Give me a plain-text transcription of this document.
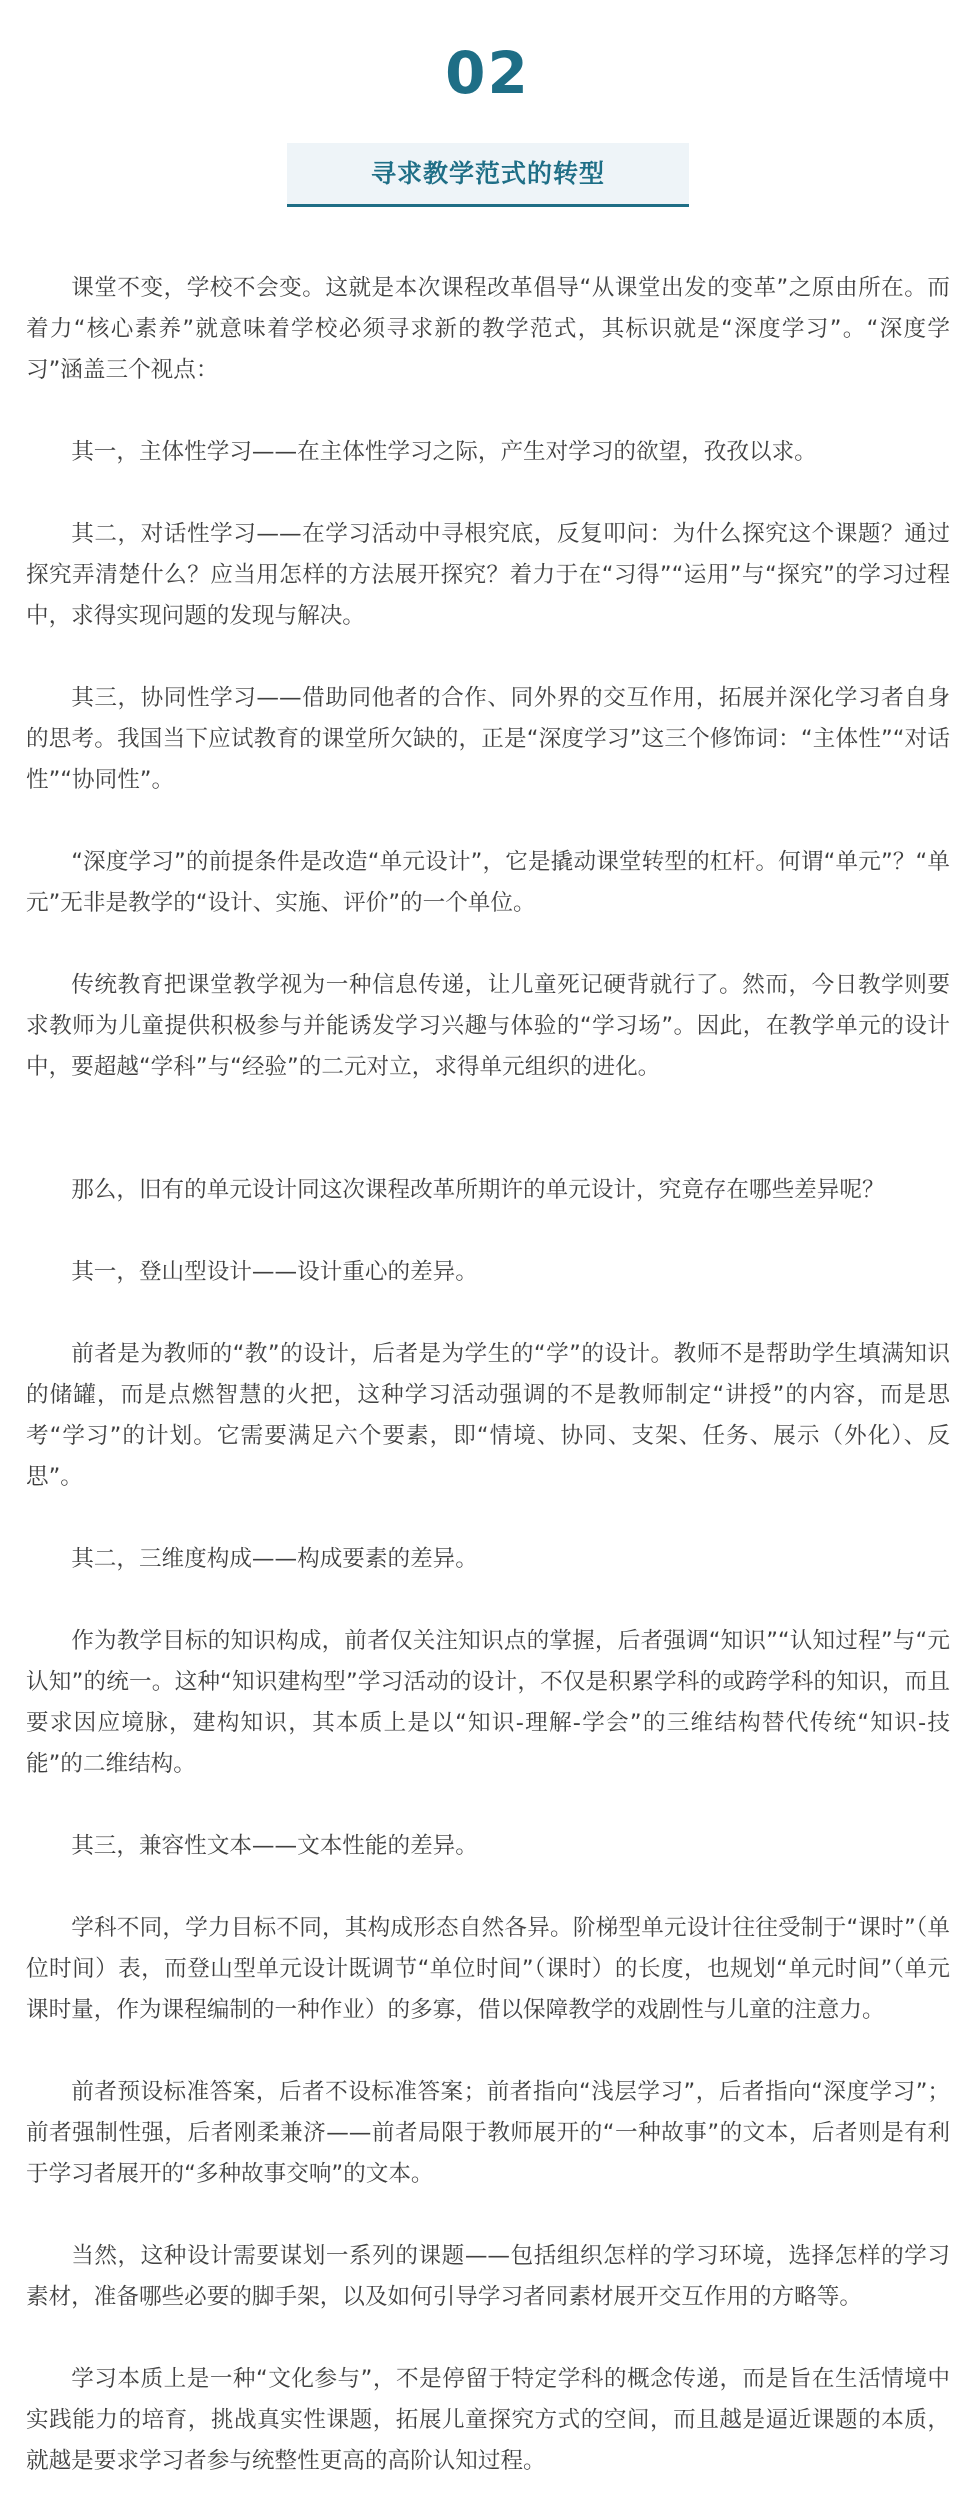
02
寻求教学范式的转型

课堂不变，学校不会变。这就是本次课程改革倡导“从课堂出发的变革”之原由所在。而着力“核心素养”就意味着学校必须寻求新的教学范式，其标识就是“深度学习”。“深度学习”涵盖三个视点：

其一，主体性学习——在主体性学习之际，产生对学习的欲望，孜孜以求。

其二，对话性学习——在学习活动中寻根究底，反复叩问：为什么探究这个课题？通过探究弄清楚什么？应当用怎样的方法展开探究？着力于在“习得”“运用”与“探究”的学习过程中，求得实现问题的发现与解决。

其三，协同性学习——借助同他者的合作、同外界的交互作用，拓展并深化学习者自身的思考。我国当下应试教育的课堂所欠缺的，正是“深度学习”这三个修饰词：“主体性”“对话性”“协同性”。

“深度学习”的前提条件是改造“单元设计”，它是撬动课堂转型的杠杆。何谓“单元”？“单元”无非是教学的“设计、实施、评价”的一个单位。

传统教育把课堂教学视为一种信息传递，让儿童死记硬背就行了。然而，今日教学则要求教师为儿童提供积极参与并能诱发学习兴趣与体验的“学习场”。因此，在教学单元的设计中，要超越“学科”与“经验”的二元对立，求得单元组织的进化。

那么，旧有的单元设计同这次课程改革所期许的单元设计，究竟存在哪些差异呢？

其一，登山型设计——设计重心的差异。

前者是为教师的“教”的设计，后者是为学生的“学”的设计。教师不是帮助学生填满知识的储罐，而是点燃智慧的火把，这种学习活动强调的不是教师制定“讲授”的内容，而是思考“学习”的计划。它需要满足六个要素，即“情境、协同、支架、任务、展示（外化）、反思”。

其二，三维度构成——构成要素的差异。

作为教学目标的知识构成，前者仅关注知识点的掌握，后者强调“知识”“认知过程”与“元认知”的统一。这种“知识建构型”学习活动的设计，不仅是积累学科的或跨学科的知识，而且要求因应境脉，建构知识，其本质上是以“知识-理解-学会”的三维结构替代传统“知识-技能”的二维结构。

其三，兼容性文本——文本性能的差异。

学科不同，学力目标不同，其构成形态自然各异。阶梯型单元设计往往受制于“课时”（单位时间）表，而登山型单元设计既调节“单位时间”（课时）的长度，也规划“单元时间”（单元课时量，作为课程编制的一种作业）的多寡，借以保障教学的戏剧性与儿童的注意力。

前者预设标准答案，后者不设标准答案；前者指向“浅层学习”，后者指向“深度学习”；前者强制性强，后者刚柔兼济——前者局限于教师展开的“一种故事”的文本，后者则是有利于学习者展开的“多种故事交响”的文本。

当然，这种设计需要谋划一系列的课题——包括组织怎样的学习环境，选择怎样的学习素材，准备哪些必要的脚手架，以及如何引导学习者同素材展开交互作用的方略等。

学习本质上是一种“文化参与”，不是停留于特定学科的概念传递，而是旨在生活情境中实践能力的培育，挑战真实性课题，拓展儿童探究方式的空间，而且越是逼近课题的本质，就越是要求学习者参与统整性更高的高阶认知过程。
